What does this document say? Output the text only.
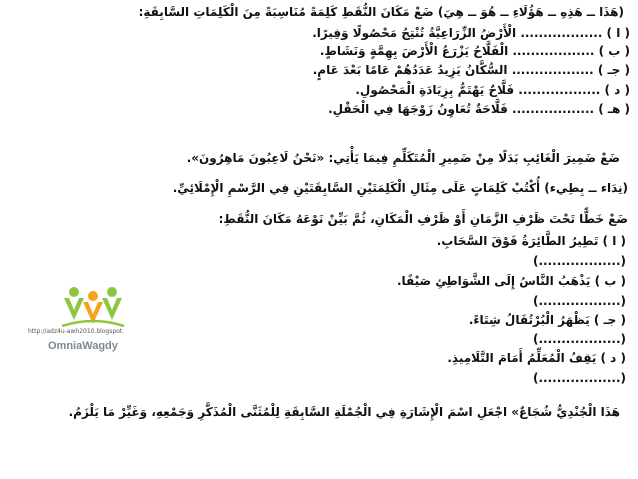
(هَذَا ــ هَذِهِ ــ هَؤُلَاءِ ــ هُوَ ــ هِيَ) ضَعْ مَكَانَ النُّقَطِ كَلِمَةً مُنَاسِبَةً مِنَ الْكَلِمَاتِ السَّابِقَةِ:
( ا ) .................. الْأَرْضُ الزِّرَاعِيَّةُ تُنْتِجُ مَحْصُولًا وَفِيرًا.
( ب ) .................. الْفَلَّاحُ يَزْرَعُ الْأَرْضَ بِهِمَّةٍ وَنَشَاطٍ.
( جـ ) .................. السُّكَّانُ يَزِيدُ عَدَدُهُمْ عَامًا بَعْدَ عَامٍ.
( د ) .................. فَلَّاحٌ يَهْتَمُّ بِزِيَادَةِ الْمَحْصُولِ.
( هـ ) .................. فَلَّاحَةٌ تُعَاوِنُ زَوْجَهَا فِي الْحَقْلِ.
ضَعْ ضَمِيرَ الْغَائِبِ بَدَلًا مِنْ ضَمِيرِ الْمُتَكَلِّمِ فِيمَا يَأْتِي: «نَحْنُ لَاعِبُونَ مَاهِرُونَ».
(نِدَاء ــ بِطِيء) أُكْتُبْ كَلِمَاتٍ عَلَى مِثَالِ الْكَلِمَتَيْنِ السَّابِقَتَيْنِ فِي الرَّسْمِ الْإِمْلَائِيِّ.
ضَعْ خَطًّا تَحْتَ ظَرْفِ الزَّمَانِ أَوْ ظَرْفِ الْمَكَانِ، ثُمَّ بَيِّنْ نَوْعَهُ مَكَانَ النُّقَطِ:
( ا ) تَطِيرُ الطَّائِرَةُ فَوْقَ السَّحَابِ.
(..................)
( ب ) يَذْهَبُ النَّاسُ إِلَى الشَّوَاطِئِ صَيْفًا.
(..................)
( جـ ) يَظْهَرُ الْبُرْتُقَالُ شِتَاءً.
(..................)
( د ) يَقِفُ الْمُعَلِّمُ أَمَامَ التَّلَامِيذِ.
(..................)
هَذَا الْجُنْدِيُّ شُجَاعٌ» اجْعَلِ اسْمَ الْإِشَارَةِ فِي الْجُمْلَةِ السَّابِقَةِ لِلْمُثَنَّى الْمُذَكَّرِ وَجَمْعِهِ، وَغَيِّرْ مَا يَلْزَمُ.
http://adz4u-awh2010.blogspot.
OmniaWagdy
